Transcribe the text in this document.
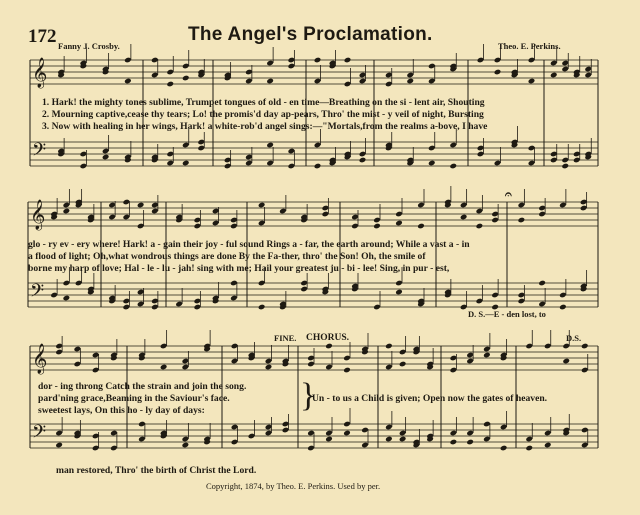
172	The Angel's Proclamation.
Fanny J. Crosby.	Theo. E. Perkins.
𝄞
𝄢
𝄞
𝄢
𝄞
𝄢
𝄐
1. Hark! the mighty tones sublime, Trumpet tongues of old - en time—Breathing on the si - lent air, Shouting
2. Mourning captive,cease thy tears; Lo! the promis'd day ap-pears, Thro' the mist - y veil of night, Bursting
3. Now with healing in her wings, Hark! a white-rob'd angel sings:—"Mortals,from the realms a-bove, I have
glo - ry ev - ery where! Hark! a - gain their joy - ful sound Rings a - far, the earth around; While a vast a - in
a flood of light; Oh,what wondrous things are done By the Fa-ther, thro' the Son! Oh, the smile of
borne my harp of love; Hal - le - lu - jah! sing with me; Hail your greatest ju - bi - lee! Sing, in pur - est,
D. S.—E - den lost, to
FINE. CHORUS.	D.S.
dor - ing throng Catch the strain and join the song.
pard'ning grace,Beaming in the Saviour's face.
sweetest lays, On this ho - ly day of days:	}
Un - to us a Child is given; Open now the gates of heaven.
man restored, Thro' the birth of Christ the Lord.
Copyright, 1874, by Theo. E. Perkins. Used by per.
